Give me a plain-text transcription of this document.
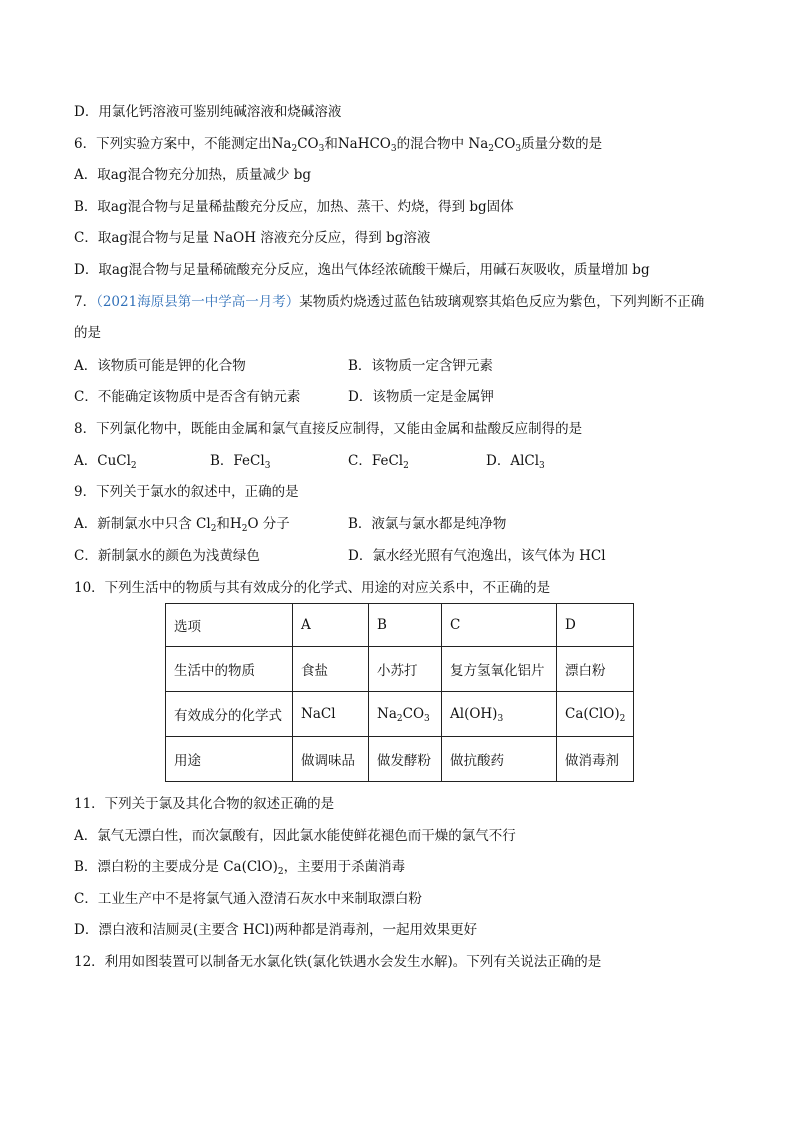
D．用氯化钙溶液可鉴别纯碱溶液和烧碱溶液
6．下列实验方案中，不能测定出$Na_2CO_3$和NaHCO$_3$的混合物中 $Na_2CO_3$质量分数的是
A．取ag混合物充分加热，质量减少 bg
B．取ag混合物与足量稀盐酸充分反应，加热、蒸干、灼烧，得到 bg固体
C．取ag混合物与足量 NaOH 溶液充分反应，得到 bg溶液
D．取ag混合物与足量稀硫酸充分反应，逸出气体经浓硫酸干燥后，用碱石灰吸收，质量增加 bg
7．（2021海原县第一中学高一月考）某物质灼烧透过蓝色钴玻璃观察其焰色反应为紫色，下列判断不正确
的是
A．该物质可能是钾的化合物	B．该物质一定含钾元素
C．不能确定该物质中是否含有钠元素	D．该物质一定是金属钾
8．下列氯化物中，既能由金属和氯气直接反应制得，又能由金属和盐酸反应制得的是
A．CuCl$_2$	B．FeCl$_3$	C．FeCl$_2$	D．AlCl$_3$
9．下列关于氯水的叙述中，正确的是
A．新制氯水中只含 $Cl_2$和$H_2O$ 分子	B．液氯与氯水都是纯净物
C．新制氯水的颜色为浅黄绿色	D．氯水经光照有气泡逸出，该气体为 HCl
10．下列生活中的物质与其有效成分的化学式、用途的对应关系中，不正确的是
选项	A	B	C	D
生活中的物质	食盐	小苏打	复方氢氧化铝片	漂白粉
有效成分的化学式	NaCl	$Na_2CO_3$	$Al(OH)_3$	$Ca(ClO)_2$
用途	做调味品	做发酵粉	做抗酸药	做消毒剂
11．下列关于氯及其化合物的叙述正确的是
A．氯气无漂白性，而次氯酸有，因此氯水能使鲜花褪色而干燥的氯气不行
B．漂白粉的主要成分是 $Ca(ClO)_2$，主要用于杀菌消毒
C．工业生产中不是将氯气通入澄清石灰水中来制取漂白粉
D．漂白液和洁厕灵(主要含 HCl)两种都是消毒剂，一起用效果更好
12．利用如图装置可以制备无水氯化铁(氯化铁遇水会发生水解)。下列有关说法正确的是
